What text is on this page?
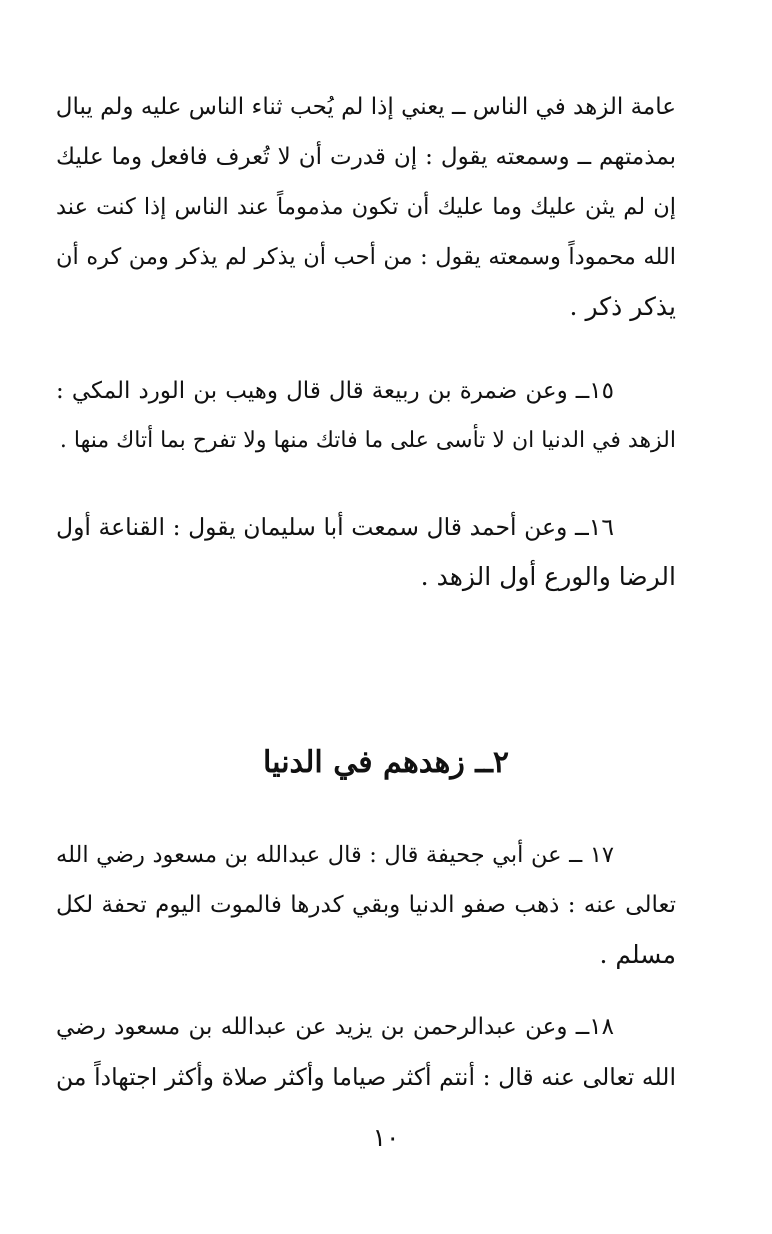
عامة الزهد في الناس ــ يعني إذا لم يُحب ثناء الناس عليه ولم يبال
بمذمتهم ــ وسمعته يقول : إن قدرت أن لا تُعرف فافعل وما عليك
إن لم يثن عليك وما عليك أن تكون مذموماً عند الناس إذا كنت عند
الله محموداً وسمعته يقول : من أحب أن يذكر لم يذكر ومن كره أن
يذكر ذكر .
١٥ــ وعن ضمرة بن ربيعة قال قال وهيب بن الورد المكي :
الزهد في الدنيا ان لا تأسى على ما فاتك منها ولا تفرح بما أتاك منها .
١٦ــ وعن أحمد قال سمعت أبا سليمان يقول : القناعة أول
الرضا والورع أول الزهد .
٢ــ زهدهم في الدنيا
١٧ ــ عن أبي جحيفة قال : قال عبدالله بن مسعود رضي الله
تعالى عنه : ذهب صفو الدنيا وبقي كدرها فالموت اليوم تحفة لكل
مسلم .
١٨ــ وعن عبدالرحمن بن يزيد عن عبدالله بن مسعود رضي
الله تعالى عنه قال : أنتم أكثر صياما وأكثر صلاة وأكثر اجتهاداً من
١٠
